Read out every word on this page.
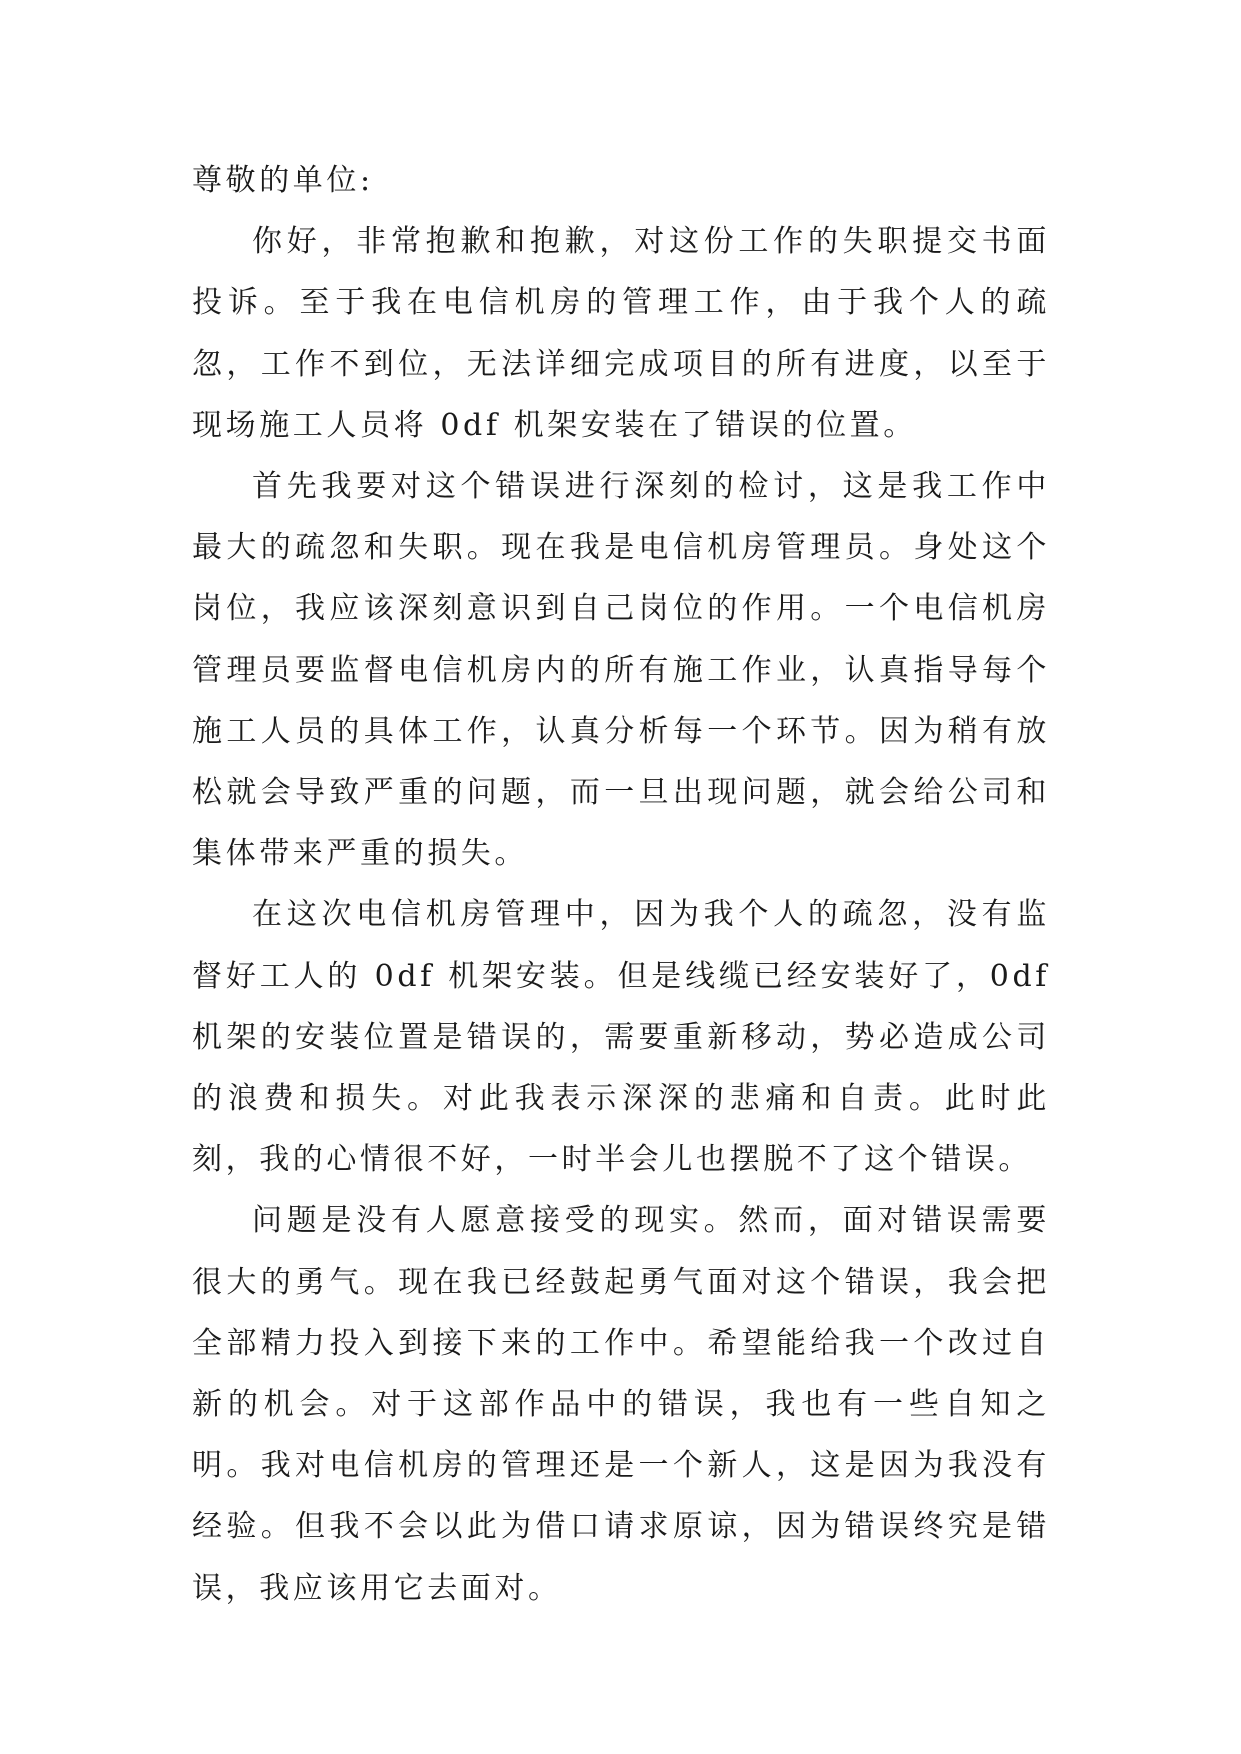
尊敬的单位:

你好，非常抱歉和抱歉，对这份工作的失职提交书面投诉。至于我在电信机房的管理工作，由于我个人的疏忽，工作不到位，无法详细完成项目的所有进度，以至于现场施工人员将 0df 机架安装在了错误的位置。

首先我要对这个错误进行深刻的检讨，这是我工作中最大的疏忽和失职。现在我是电信机房管理员。身处这个岗位，我应该深刻意识到自己岗位的作用。一个电信机房管理员要监督电信机房内的所有施工作业，认真指导每个施工人员的具体工作，认真分析每一个环节。因为稍有放松就会导致严重的问题，而一旦出现问题，就会给公司和集体带来严重的损失。

在这次电信机房管理中，因为我个人的疏忽，没有监督好工人的 0df 机架安装。但是线缆已经安装好了，0df 机架的安装位置是错误的，需要重新移动，势必造成公司的浪费和损失。对此我表示深深的悲痛和自责。此时此刻，我的心情很不好，一时半会儿也摆脱不了这个错误。

问题是没有人愿意接受的现实。然而，面对错误需要很大的勇气。现在我已经鼓起勇气面对这个错误，我会把全部精力投入到接下来的工作中。希望能给我一个改过自新的机会。对于这部作品中的错误，我也有一些自知之明。我对电信机房的管理还是一个新人，这是因为我没有经验。但我不会以此为借口请求原谅，因为错误终究是错误，我应该用它去面对。
